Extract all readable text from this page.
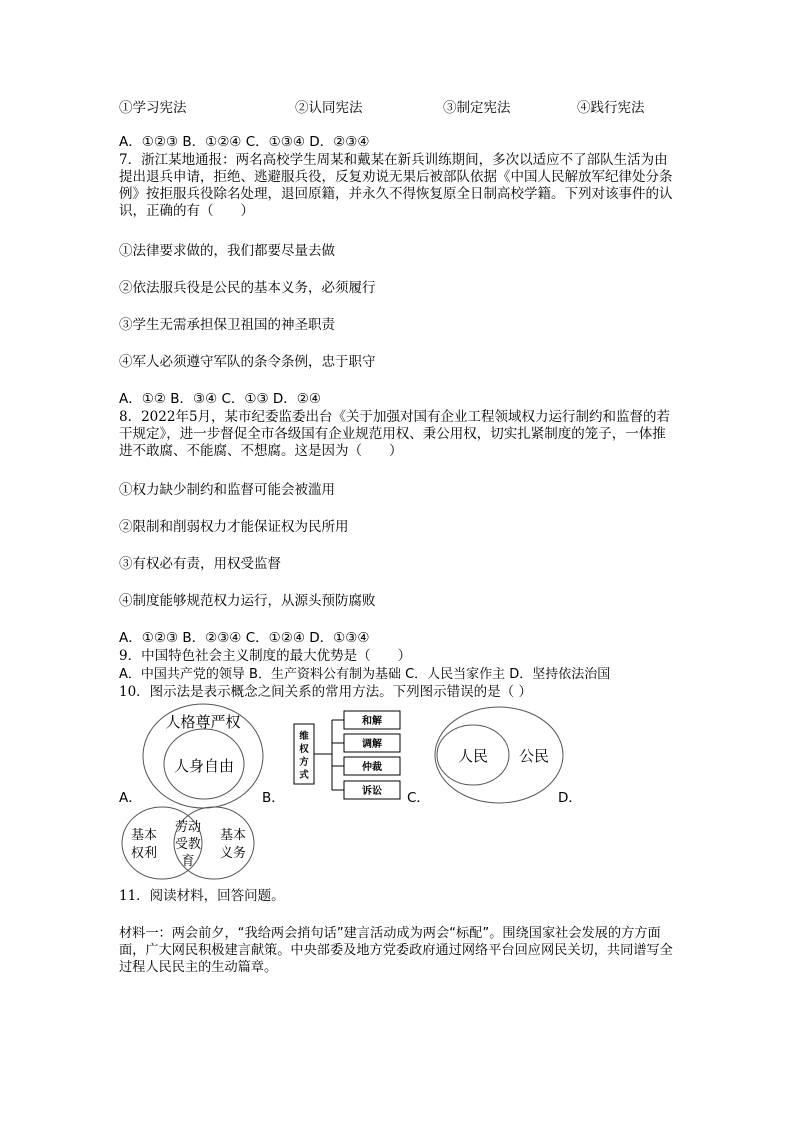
①学习宪法	②认同宪法	③制定宪法	④践行宪法
A．①②③ B．①②④ C．①③④ D．②③④
7．浙江某地通报：两名高校学生周某和戴某在新兵训练期间，多次以适应不了部队生活为由提出退兵申请，拒绝、逃避服兵役，反复劝说无果后被部队依据《中国人民解放军纪律处分条例》按拒服兵役除名处理，退回原籍，并永久不得恢复原全日制高校学籍。下列对该事件的认识，正确的有（　　）
①法律要求做的，我们都要尽量去做
②依法服兵役是公民的基本义务，必须履行
③学生无需承担保卫祖国的神圣职责
④军人必须遵守军队的条令条例，忠于职守
A．①② B．③④ C．①③ D．②④
8．2022年5月，某市纪委监委出台《关于加强对国有企业工程领域权力运行制约和监督的若干规定》，进一步督促全市各级国有企业规范用权、秉公用权，切实扎紧制度的笼子，一体推进不敢腐、不能腐、不想腐。这是因为（　　）
①权力缺少制约和监督可能会被滥用
②限制和削弱权力才能保证权为民所用
③有权必有责，用权受监督
④制度能够规范权力运行，从源头预防腐败
A．①②③ B．②③④ C．①②④ D．①③④
9．中国特色社会主义制度的最大优势是（　　）
A．中国共产党的领导 B．生产资料公有制为基础 C．人民当家作主 D．坚持依法治国
10．图示法是表示概念之间关系的常用方法。下列图示错误的是（ ）
A．	B．	C．	D．
人格尊严权
人身自由
维
权
方
式
和解
调解
仲裁
诉讼
人民 公民
基本
权利
劳动
受教
育
基本
义务
11．阅读材料，回答问题。
材料一：两会前夕，“我给两会捎句话”建言活动成为两会“标配”。围绕国家社会发展的方方面面，广大网民积极建言献策。中央部委及地方党委政府通过网络平台回应网民关切，共同谱写全过程人民民主的生动篇章。
